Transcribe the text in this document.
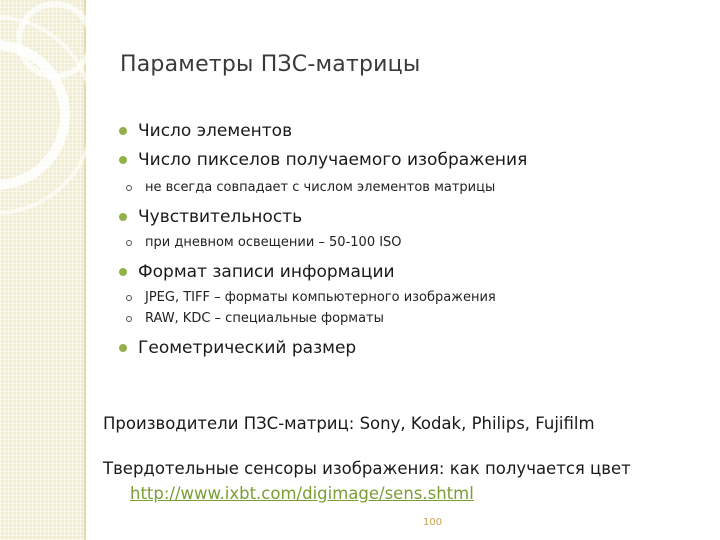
Параметры ПЗС-матрицы
Число элементов
Число пикселов получаемого изображения
не всегда совпадает с числом элементов матрицы
Чувствительность
при дневном освещении – 50-100 ISO
Формат записи информации
JPEG, TIFF – форматы компьютерного изображения
RAW, KDC – специальные форматы
Геометрический размер
Производители ПЗС-матриц: Sony, Kodak, Philips, Fujifilm
Твердотельные сенсоры изображения: как получается цвет
http://www.ixbt.com/digimage/sens.shtml
100
